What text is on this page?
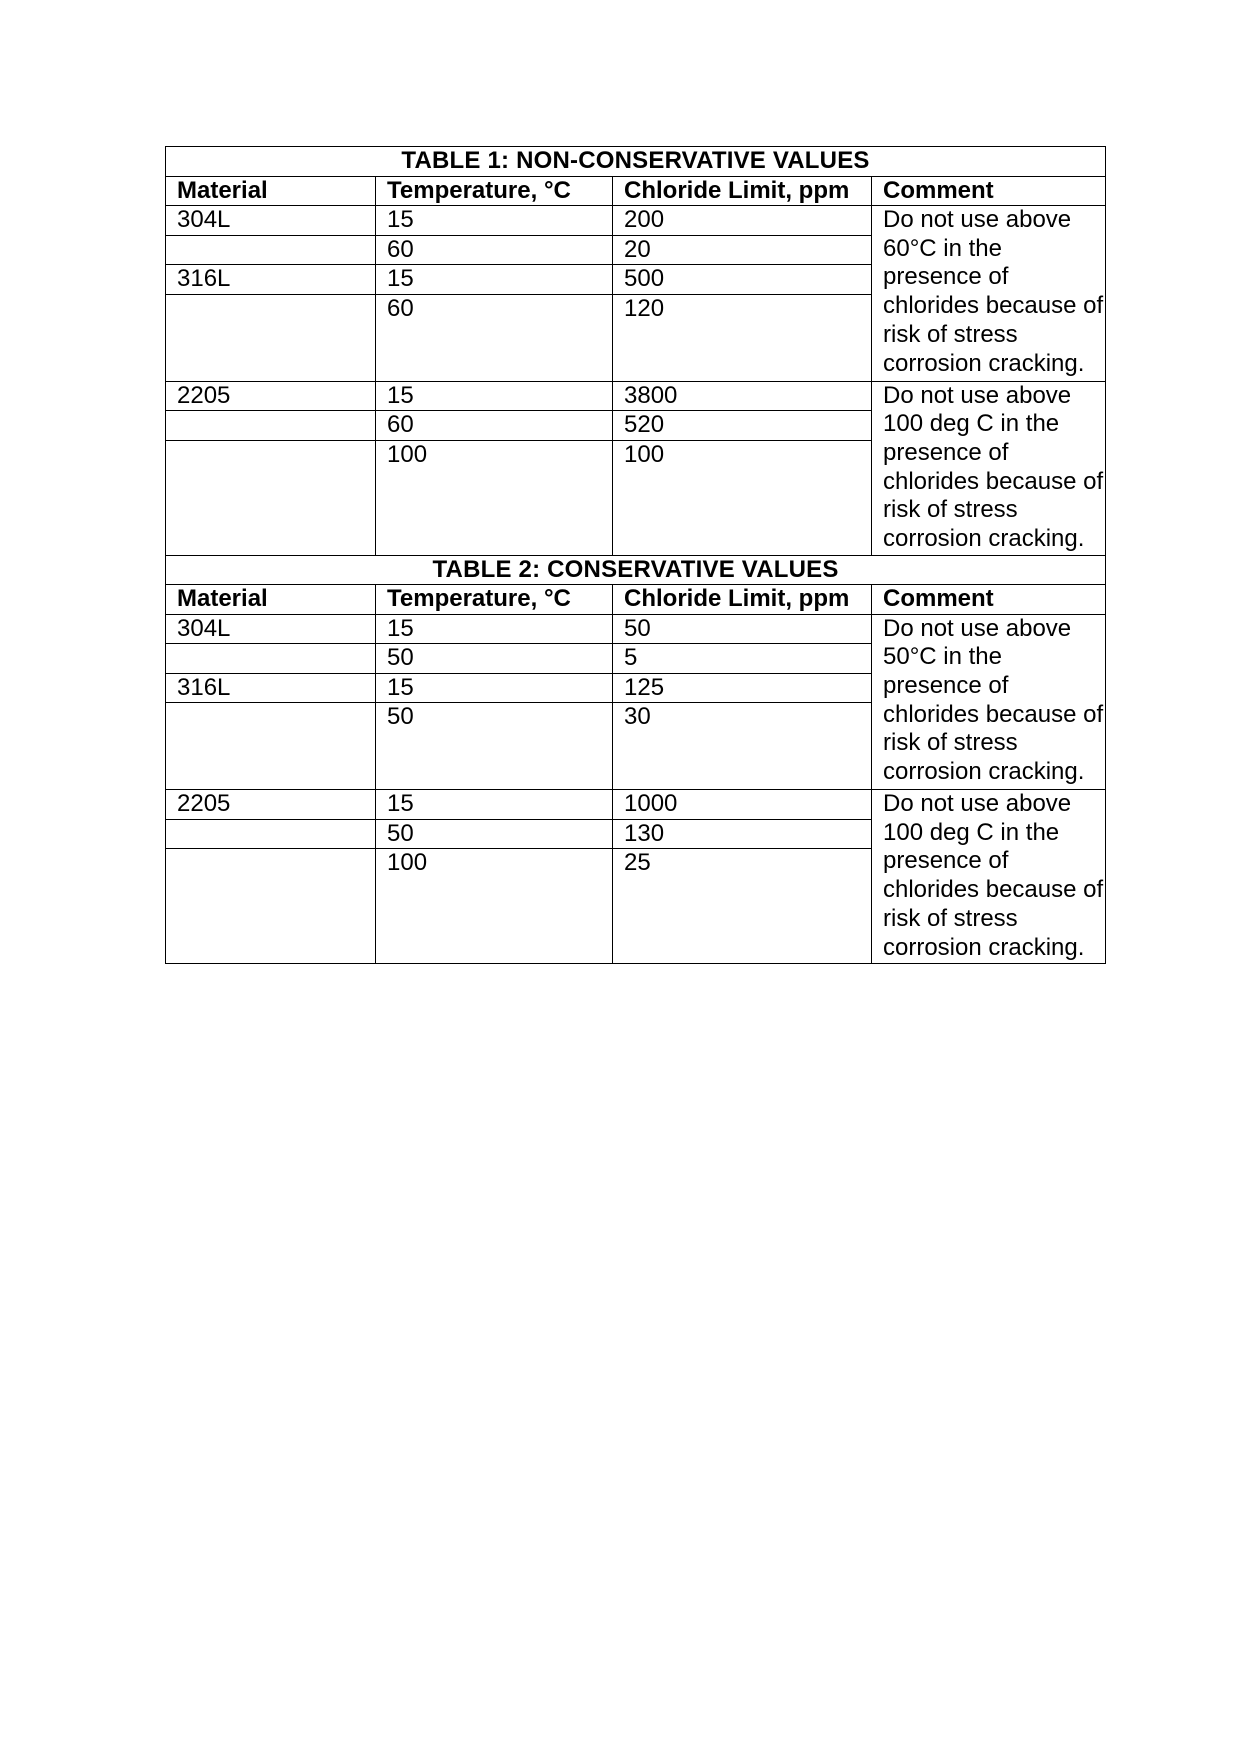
TABLE 1: NON-CONSERVATIVE VALUES			
Material	Temperature, °C	Chloride Limit, ppm	Comment
304L	15	200	Do not use above 60°C in the presence of chlorides because of risk of stress corrosion cracking.
	60	20	
316L	15	500	
	60	120	
2205	15	3800	Do not use above 100 deg C in the presence of chlorides because of risk of stress corrosion cracking.
	60	520	
	100	100	
TABLE 2: CONSERVATIVE VALUES			
Material	Temperature, °C	Chloride Limit, ppm	Comment
304L	15	50	Do not use above 50°C in the presence of chlorides because of risk of stress corrosion cracking.
	50	5	
316L	15	125	
	50	30	
2205	15	1000	Do not use above 100 deg C in the presence of chlorides because of risk of stress corrosion cracking.
	50	130	
	100	25	
